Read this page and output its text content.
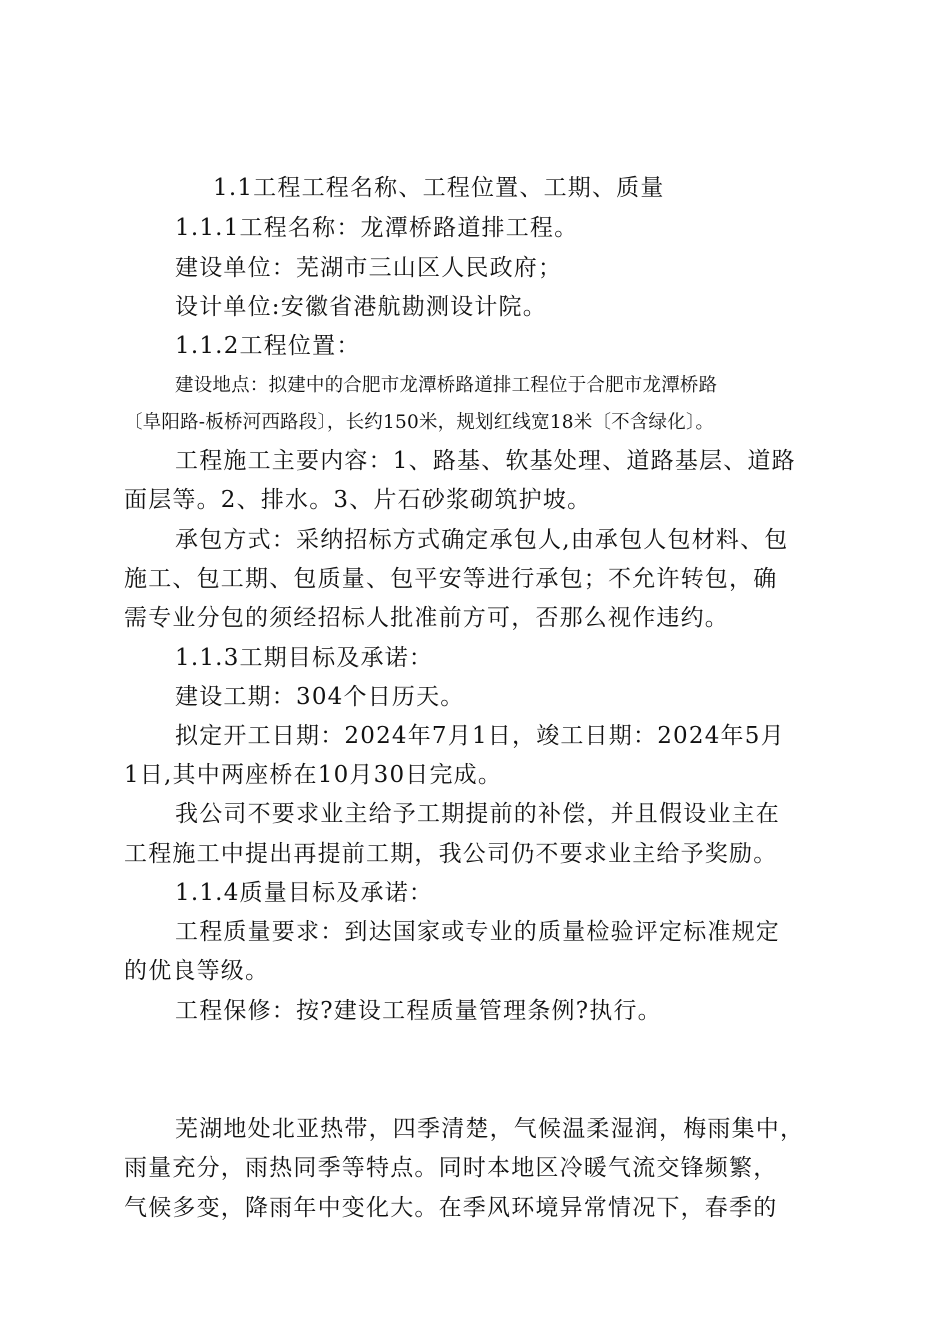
1.1工程工程名称、工程位置、工期、质量
1.1.1工程名称：龙潭桥路道排工程。
建设单位：芜湖市三山区人民政府；
设计单位:安徽省港航勘测设计院。
1.1.2工程位置：
建设地点：拟建中的合肥市龙潭桥路道排工程位于合肥市龙潭桥路
〔阜阳路-板桥河西路段〕，长约150米，规划红线宽18米〔不含绿化〕。
工程施工主要内容：1、路基、软基处理、道路基层、道路
面层等。2、排水。3、片石砂浆砌筑护坡。
承包方式：采纳招标方式确定承包人,由承包人包材料、包
施工、包工期、包质量、包平安等进行承包；不允许转包，确
需专业分包的须经招标人批准前方可，否那么视作违约。
1.1.3工期目标及承诺：
建设工期：304个日历天。
拟定开工日期：2024年7月1日，竣工日期：2024年5月
1日,其中两座桥在10月30日完成。
我公司不要求业主给予工期提前的补偿，并且假设业主在
工程施工中提出再提前工期，我公司仍不要求业主给予奖励。
1.1.4质量目标及承诺：
工程质量要求：到达国家或专业的质量检验评定标准规定
的优良等级。
工程保修：按?建设工程质量管理条例?执行。
芜湖地处北亚热带，四季清楚，气候温柔湿润，梅雨集中，
雨量充分，雨热同季等特点。同时本地区冷暖气流交锋频繁，
气候多变，降雨年中变化大。在季风环境异常情况下，春季的
